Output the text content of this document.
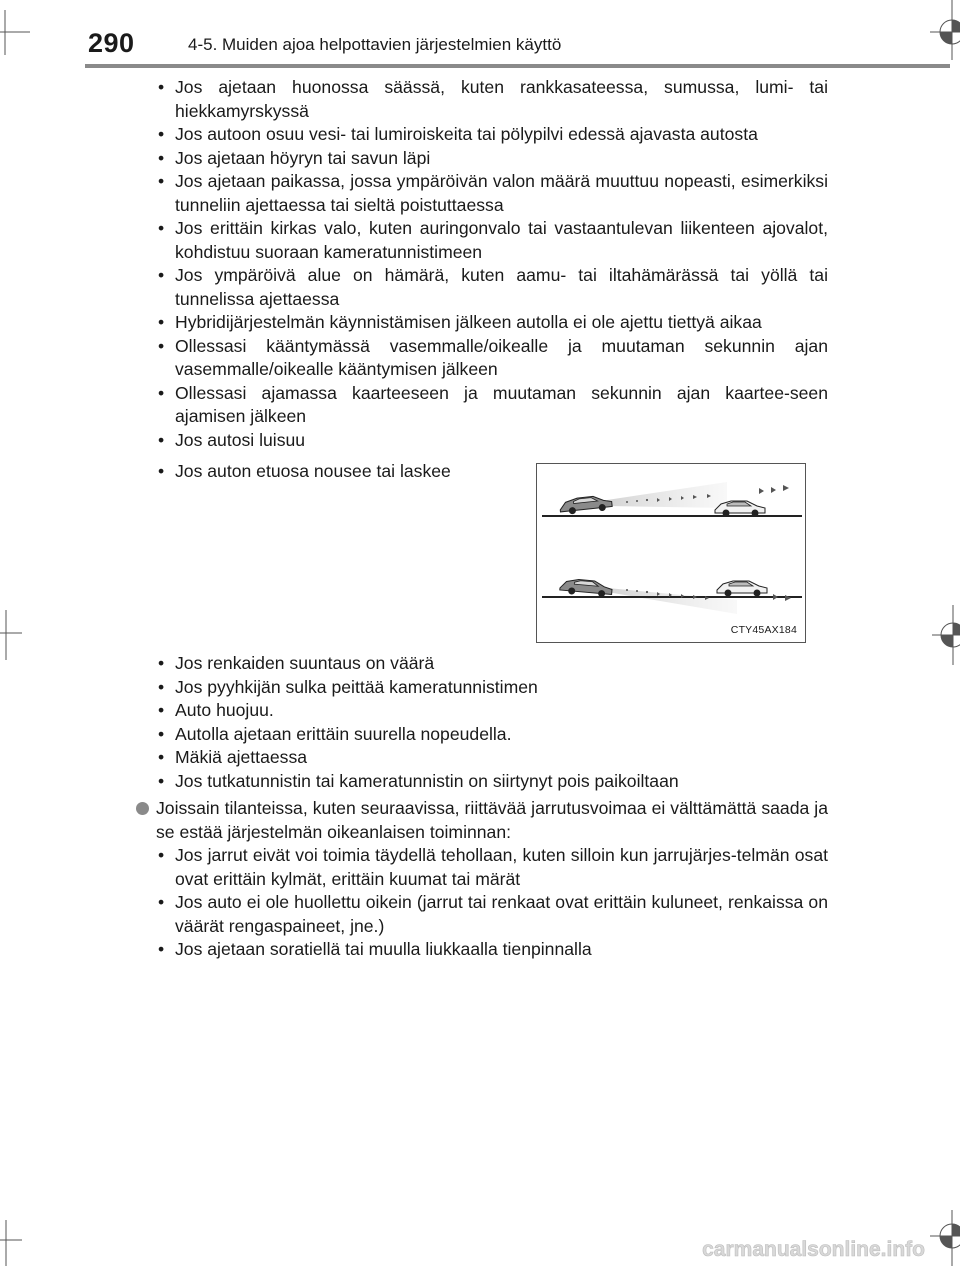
290	4-5. Muiden ajoa helpottavien järjestelmien käyttö
• Jos ajetaan huonossa säässä, kuten rankkasateessa, sumussa, lumi- tai hiekkamyrskyssä
• Jos autoon osuu vesi- tai lumiroiskeita tai pölypilvi edessä ajavasta autosta
• Jos ajetaan höyryn tai savun läpi
• Jos ajetaan paikassa, jossa ympäröivän valon määrä muuttuu nopeasti, esimerkiksi tunneliin ajettaessa tai sieltä poistuttaessa
• Jos erittäin kirkas valo, kuten auringonvalo tai vastaantulevan liikenteen ajovalot, kohdistuu suoraan kameratunnistimeen
• Jos ympäröivä alue on hämärä, kuten aamu- tai iltahämärässä tai yöllä tai tunnelissa ajettaessa
• Hybridijärjestelmän käynnistämisen jälkeen autolla ei ole ajettu tiettyä aikaa
• Ollessasi kääntymässä vasemmalle/oikealle ja muutaman sekunnin ajan vasemmalle/oikealle kääntymisen jälkeen
• Ollessasi ajamassa kaarteeseen ja muutaman sekunnin ajan kaartee-seen ajamisen jälkeen
• Jos autosi luisuu
• Jos auton etuosa nousee tai laskee
CTY45AX184
• Jos renkaiden suuntaus on väärä
• Jos pyyhkijän sulka peittää kameratunnistimen
• Auto huojuu.
• Autolla ajetaan erittäin suurella nopeudella.
• Mäkiä ajettaessa
• Jos tutkatunnistin tai kameratunnistin on siirtynyt pois paikoiltaan
Joissain tilanteissa, kuten seuraavissa, riittävää jarrutusvoimaa ei välttämättä saada ja se estää järjestelmän oikeanlaisen toiminnan:
• Jos jarrut eivät voi toimia täydellä tehollaan, kuten silloin kun jarrujärjes-telmän osat ovat erittäin kylmät, erittäin kuumat tai märät
• Jos auto ei ole huollettu oikein (jarrut tai renkaat ovat erittäin kuluneet, renkaissa on väärät rengaspaineet, jne.)
• Jos ajetaan soratiellä tai muulla liukkaalla tienpinnalla
carmanualsonline.info
